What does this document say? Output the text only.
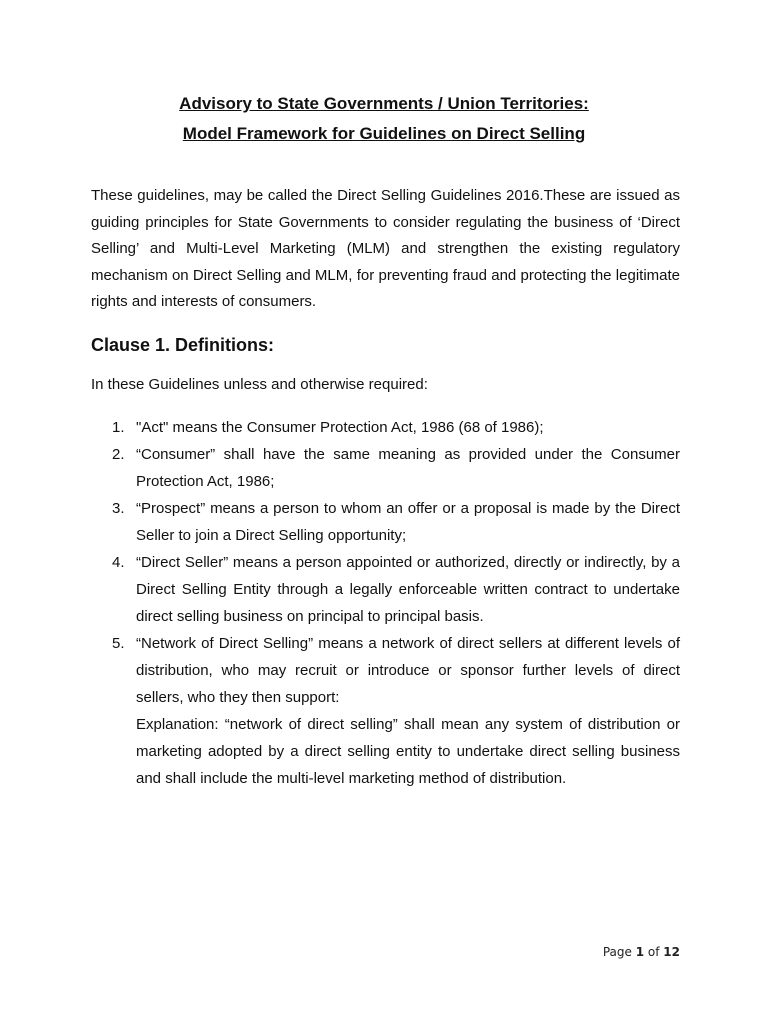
Advisory to State Governments / Union Territories:

Model Framework for Guidelines on Direct Selling

These guidelines, may be called the Direct Selling Guidelines 2016.These are issued as guiding principles for State Governments to consider regulating the business of ‘Direct Selling’ and Multi-Level Marketing (MLM) and strengthen the existing regulatory mechanism on Direct Selling and MLM, for preventing fraud and protecting the legitimate rights and interests of consumers.

Clause 1. Definitions:

In these Guidelines unless and otherwise required:

1. "Act" means the Consumer Protection Act, 1986 (68 of 1986);

2. “Consumer” shall have the same meaning as provided under the Consumer Protection Act, 1986;

3. “Prospect” means a person to whom an offer or a proposal is made by the Direct Seller to join a Direct Selling opportunity;

4. “Direct Seller” means a person appointed or authorized, directly or indirectly, by a Direct Selling Entity through a legally enforceable written contract to undertake direct selling business on principal to principal basis.

5. “Network of Direct Selling” means a network of direct sellers at different levels of distribution, who may recruit or introduce or sponsor further levels of direct sellers, who they then support:

Explanation: “network of direct selling” shall mean any system of distribution or marketing adopted by a direct selling entity to undertake direct selling business and shall include the multi-level marketing method of distribution.

Page 1 of 12
